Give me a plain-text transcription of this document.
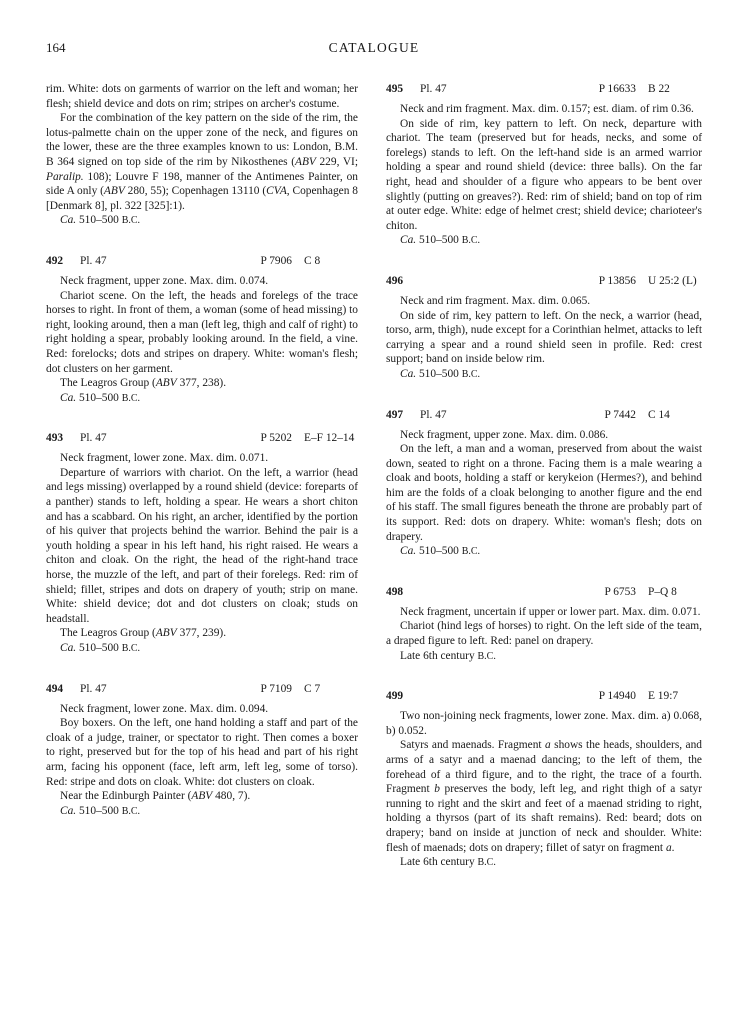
164	CATALOGUE

rim. White: dots on garments of warrior on the left and woman; her flesh; shield device and dots on rim; stripes on archer's costume.

For the combination of the key pattern on the side of the rim, the lotus-palmette chain on the upper zone of the neck, and figures on the lower, these are the three examples known to us: London, B.M. B 364 signed on top side of the rim by Nikosthenes (ABV 229, VI; Paralip. 108); Louvre F 198, manner of the Antimenes Painter, on side A only (ABV 280, 55); Copenhagen 13110 (CVA, Copenhagen 8 [Denmark 8], pl. 322 [325]:1).

Ca. 510–500 B.C.

492 Pl. 47	P 7906 C 8

Neck fragment, upper zone. Max. dim. 0.074.

Chariot scene. On the left, the heads and forelegs of the trace horses to right. In front of them, a woman (some of head missing) to right, looking around, then a man (left leg, thigh and calf of right) to right holding a spear, probably looking around. In the field, a vine. Red: forelocks; dots and stripes on drapery. White: woman's flesh; dot clusters on her garment.

The Leagros Group (ABV 377, 238).

Ca. 510–500 B.C.

493 Pl. 47	P 5202 E–F 12–14

Neck fragment, lower zone. Max. dim. 0.071.

Departure of warriors with chariot. On the left, a warrior (head and legs missing) overlapped by a round shield (device: foreparts of a panther) stands to left, holding a spear. He wears a short chiton and has a scabbard. On his right, an archer, identified by the portion of his quiver that projects behind the warrior. Behind the pair is a youth holding a spear in his left hand, his right raised. He wears a chiton and cloak. On the right, the head of the right-hand trace horse, the muzzle of the left, and part of their forelegs. Red: rim of shield; fillet, stripes and dots on drapery of youth; strip on mane. White: shield device; dot and dot clusters on cloak; studs on headstall.

The Leagros Group (ABV 377, 239).

Ca. 510–500 B.C.

494 Pl. 47	P 7109 C 7

Neck fragment, lower zone. Max. dim. 0.094.

Boy boxers. On the left, one hand holding a staff and part of the cloak of a judge, trainer, or spectator to right. Then comes a boxer to right, preserved but for the top of his head and part of his right arm, facing his opponent (face, left arm, left leg, some of torso). Red: stripe and dots on cloak. White: dot clusters on cloak.

Near the Edinburgh Painter (ABV 480, 7).

Ca. 510–500 B.C.

495 Pl. 47	P 16633 B 22

Neck and rim fragment. Max. dim. 0.157; est. diam. of rim 0.36.

On side of rim, key pattern to left. On neck, departure with chariot. The team (preserved but for heads, necks, and some of forelegs) stands to left. On the left-hand side is an armed warrior holding a spear and round shield (device: three balls). On the far right, head and shoulder of a figure who appears to be bent over slightly (putting on greaves?). Red: rim of shield; band on top of rim at outer edge. White: edge of helmet crest; shield device; charioteer's chiton.

Ca. 510–500 B.C.

496	P 13856 U 25:2 (L)

Neck and rim fragment. Max. dim. 0.065.

On side of rim, key pattern to left. On the neck, a warrior (head, torso, arm, thigh), nude except for a Corinthian helmet, attacks to left carrying a spear and a round shield seen in profile. Red: crest support; band on inside below rim.

Ca. 510–500 B.C.

497 Pl. 47	P 7442 C 14

Neck fragment, upper zone. Max. dim. 0.086.

On the left, a man and a woman, preserved from about the waist down, seated to right on a throne. Facing them is a male wearing a cloak and boots, holding a staff or kerykeion (Hermes?), and behind him are the folds of a cloak belonging to another figure and the end of his staff. The small figures beneath the throne are probably part of its support. Red: dots on drapery. White: woman's flesh; dots on drapery.

Ca. 510–500 B.C.

498	P 6753 P–Q 8

Neck fragment, uncertain if upper or lower part. Max. dim. 0.071.

Chariot (hind legs of horses) to right. On the left side of the team, a draped figure to left. Red: panel on drapery.

Late 6th century B.C.

499	P 14940 E 19:7

Two non-joining neck fragments, lower zone. Max. dim. a) 0.068, b) 0.052.

Satyrs and maenads. Fragment a shows the heads, shoulders, and arms of a satyr and a maenad dancing; to the left of them, the forehead of a third figure, and to the right, the trace of a fourth. Fragment b preserves the body, left leg, and right thigh of a satyr running to right and the skirt and feet of a maenad striding to right, holding a thyrsos (part of its shaft remains). Red: beard; dots on drapery; band on inside at junction of neck and shoulder. White: flesh of maenads; dots on drapery; fillet of satyr on fragment a.

Late 6th century B.C.
